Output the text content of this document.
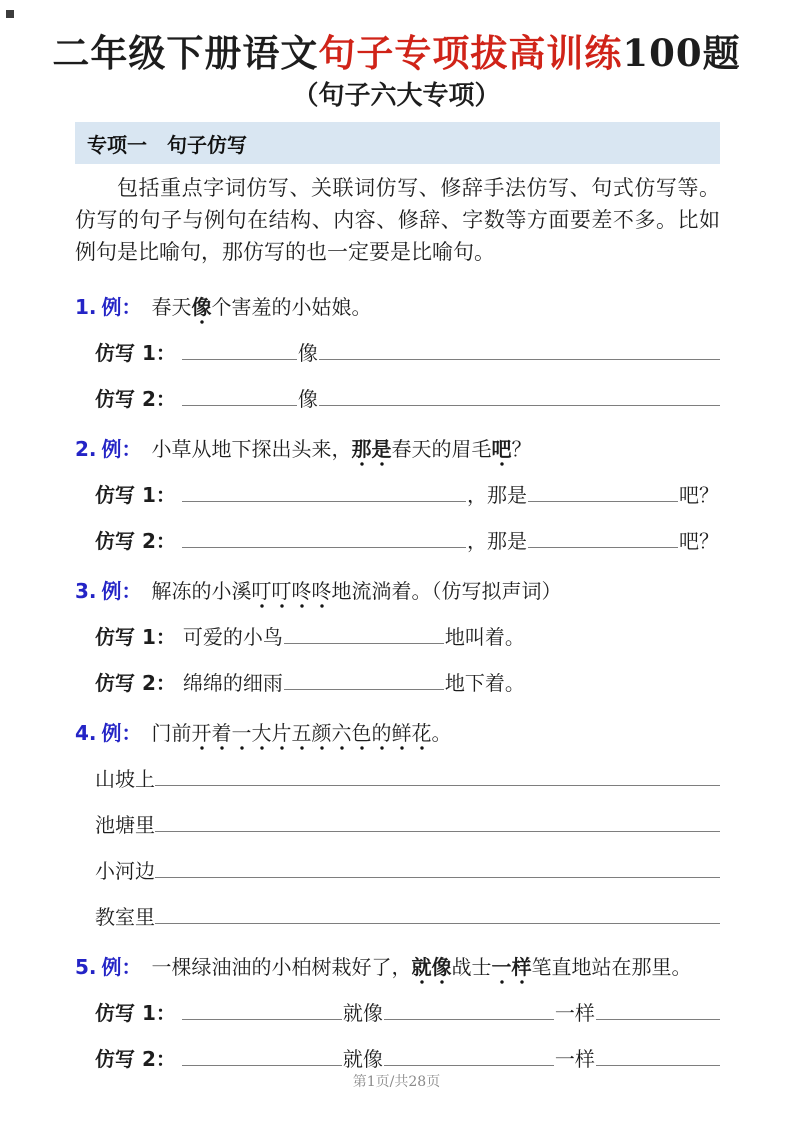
二年级下册语文句子专项拔高训练100题
（句子六大专项）
专项一　句子仿写

包括重点字词仿写、关联词仿写、修辞手法仿写、句式仿写等。仿写的句子与例句在结构、内容、修辞、字数等方面要差不多。比如例句是比喻句，那仿写的也一定要是比喻句。

1. 例： 春天像个害羞的小姑娘。
仿写 1：	像
仿写 2：	像
2. 例： 小草从地下探出头来，那是春天的眉毛吧？
仿写 1：	，那是	吧？
仿写 2：	，那是	吧？
3. 例： 解冻的小溪叮叮咚咚地流淌着。（仿写拟声词）
仿写 1： 可爱的小鸟	地叫着。
仿写 2： 绵绵的细雨	地下着。
4. 例： 门前开着一大片五颜六色的鲜花。
山坡上
池塘里
小河边
教室里
5. 例： 一棵绿油油的小柏树栽好了，就像战士一样笔直地站在那里。
仿写 1：	就像	一样
仿写 2：	就像	一样
第1页/共28页
